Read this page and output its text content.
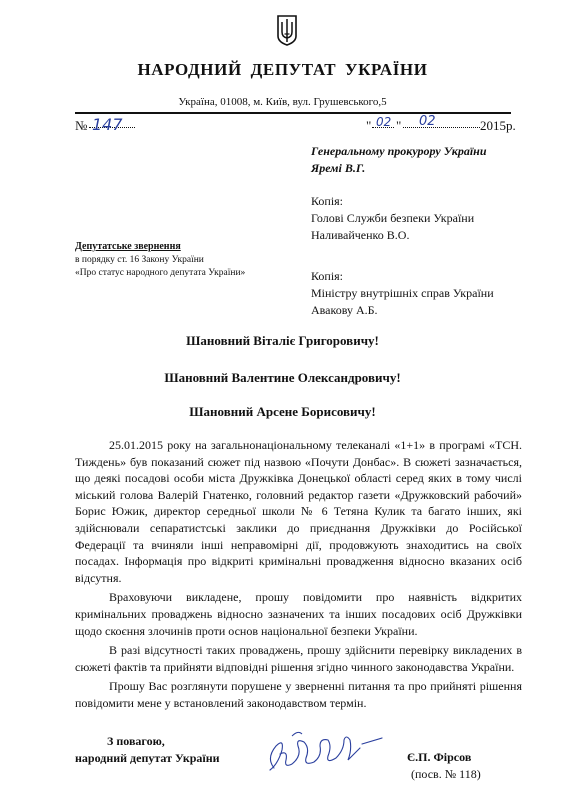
НАРОДНИЙ ДЕПУТАТ УКРАЇНИ
Україна, 01008, м. Київ, вул. Грушевського,5
№ 147	" 02 " 02	2015р.
Генеральному прокурору України
Яремі В.Г.
Копія:
Голові Служби безпеки України
Наливайченко В.О.
Депутатське звернення
в порядку ст. 16 Закону України
«Про статус народного депутата України»	Копія:
Міністру внутрішніх справ України
Авакову А.Б.
Шановний Віталіє Григоровичу!
Шановний Валентине Олександровичу!
Шановний Арсене Борисовичу!

25.01.2015 року на загальнонаціональному телеканалі «1+1» в програмі «ТСН. Тиждень» був показаний сюжет під назвою «Почути Донбас». В сюжеті зазначається, що деякі посадові особи міста Дружківка Донецької області серед яких в тому числі міський голова Валерій Гнатенко, головний редактор газети «Дружковский рабочий» Борис Южик, директор середньої школи № 6 Тетяна Кулик та багато інших, які здійснювали сепаратистські заклики до приєднання Дружківки до Російської Федерації та вчиняли інші неправомірні дії, продовжують знаходитись на своїх посадах. Інформація про відкриті кримінальні провадження відносно вказаних осіб відсутня.

Враховуючи викладене, прошу повідомити про наявність відкритих кримінальних проваджень відносно зазначених та інших посадових осіб Дружківки щодо скоєння злочинів проти основ національної безпеки України.

В разі відсутності таких проваджень, прошу здійснити перевірку викладених в сюжеті фактів та прийняти відповідні рішення згідно чинного законодавства України.

Прошу Вас розглянути порушене у зверненні питання та про прийняті рішення повідомити мене у встановлений законодавством термін.

З повагою,
народний депутат України	Є.П. Фірсов
(посв. № 118)
